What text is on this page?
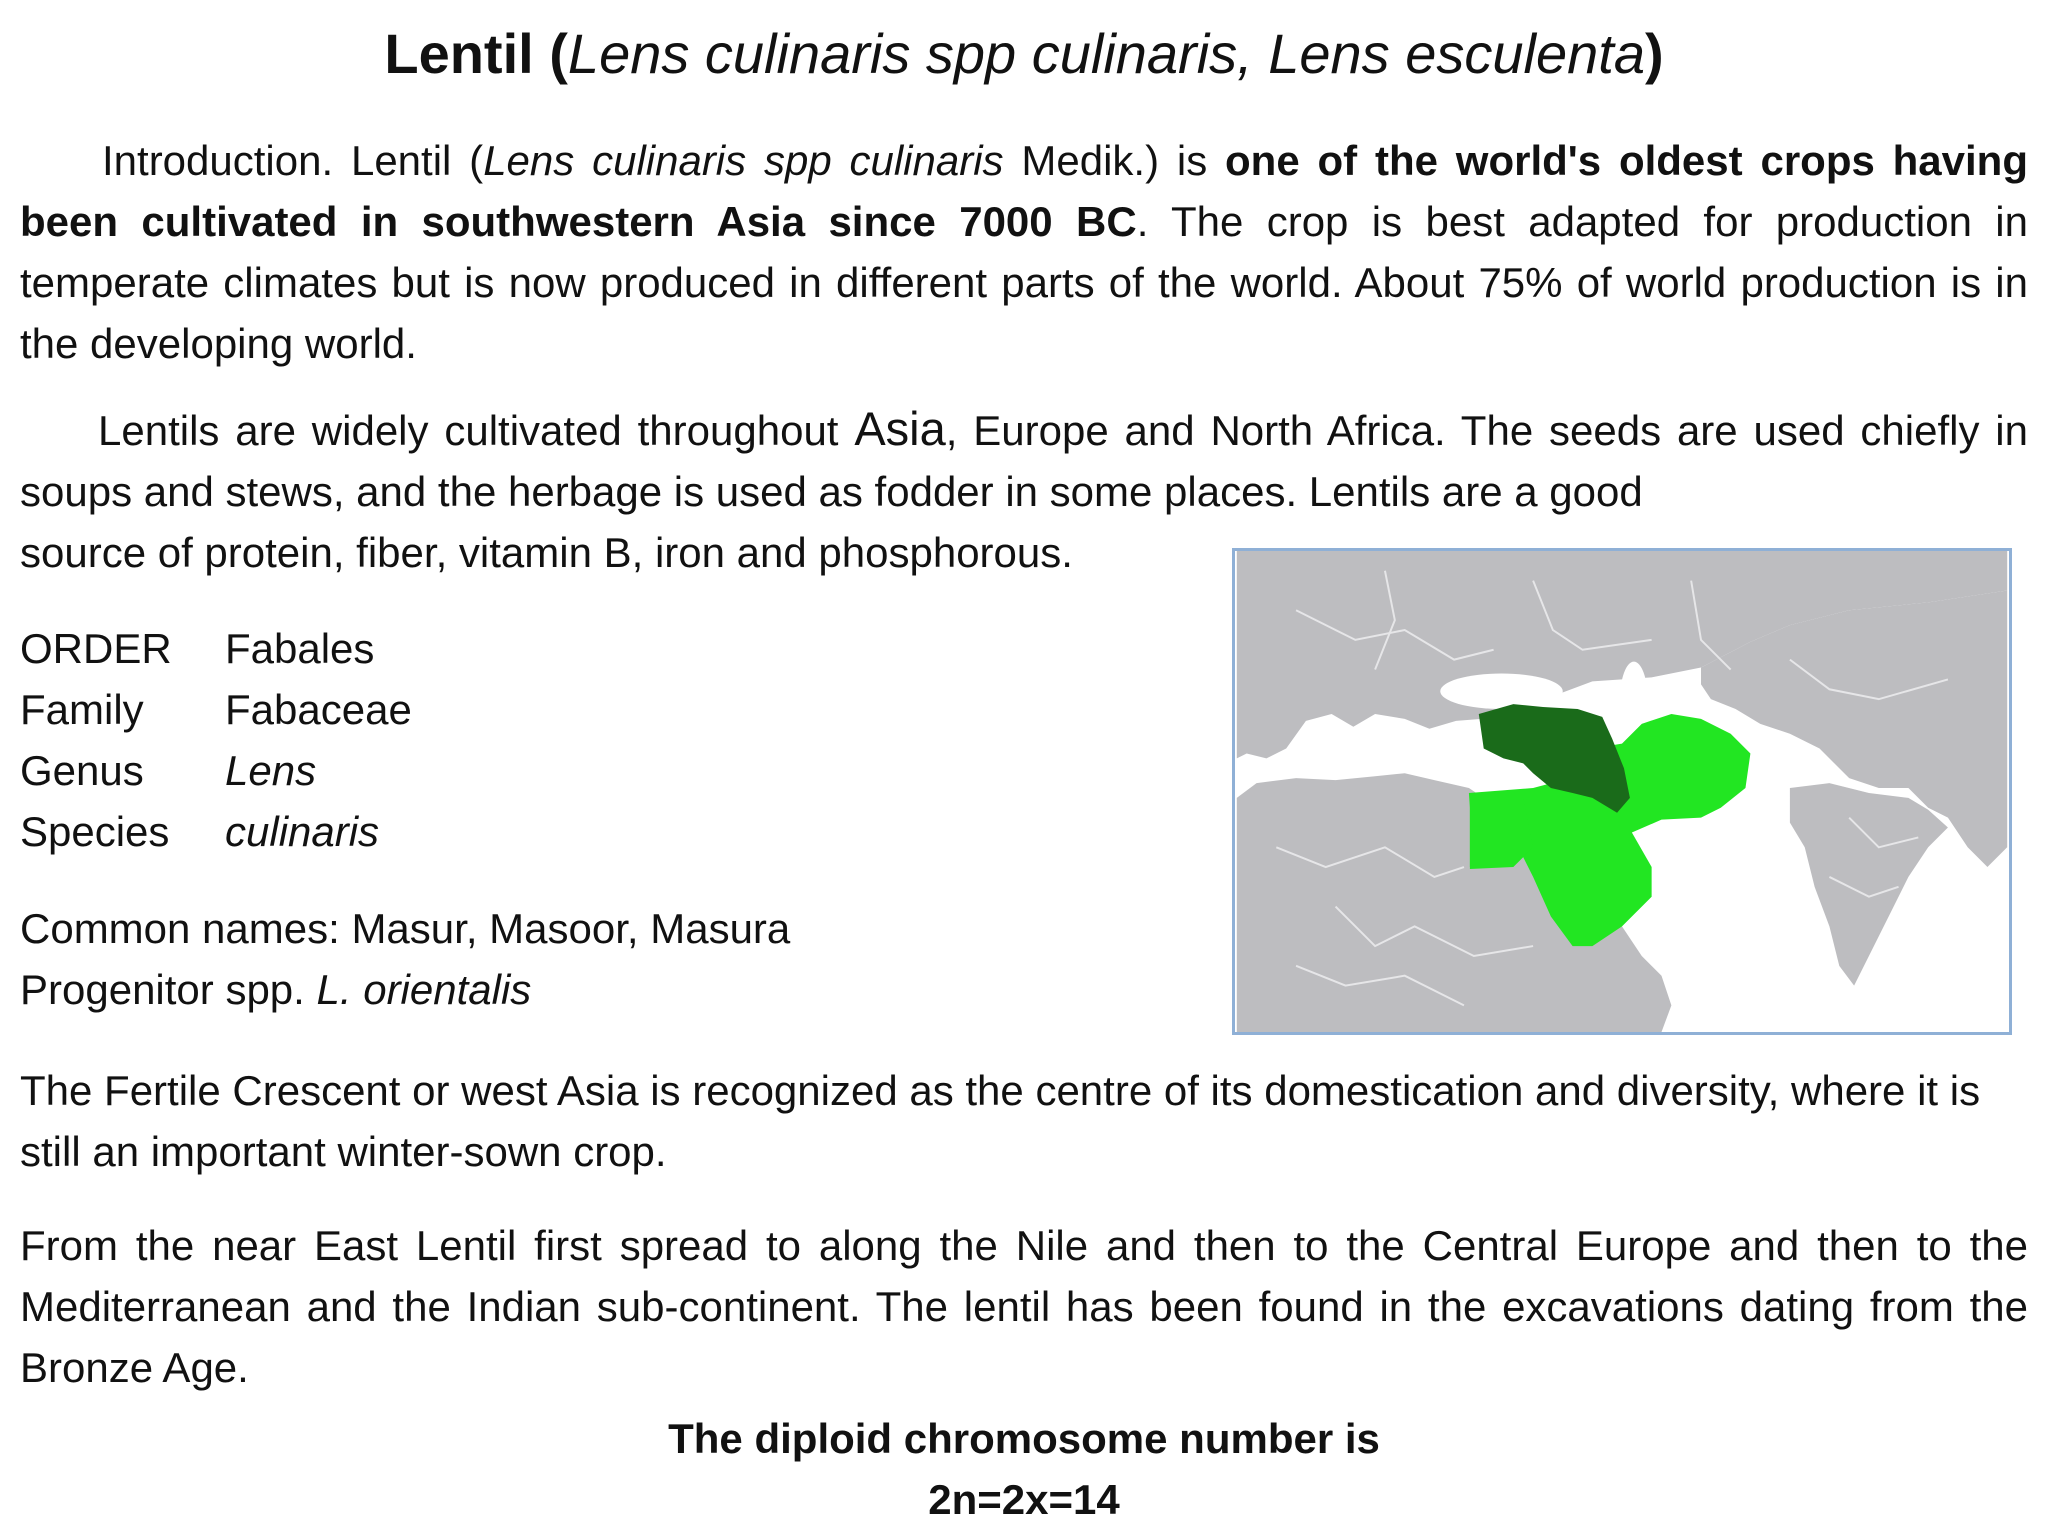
Lentil (Lens culinaris spp culinaris, Lens esculenta)
Introduction. Lentil (Lens culinaris spp culinaris Medik.) is one of the world's oldest crops having been cultivated in southwestern Asia since 7000 BC. The crop is best adapted for production in temperate climates but is now produced in different parts of the world. About 75% of world production is in the developing world.
Lentils are widely cultivated throughout Asia, Europe and North Africa. The seeds are used chiefly in soups and stews, and the herbage is used as fodder in some places. Lentils are a good
source of protein, fiber, vitamin B, iron and phosphorous.
ORDER	Fabales
Family	Fabaceae
Genus	Lens
Species	culinaris
Common names: Masur, Masoor, Masura
Progenitor spp. L. orientalis
The Fertile Crescent or west Asia is recognized as the centre of its domestication and diversity, where it is still an important winter-sown crop.
From the near East Lentil first spread to along the Nile and then to the Central Europe and then to the Mediterranean and the Indian sub-continent. The lentil has been found in the excavations dating from the Bronze Age.
The diploid chromosome number is
2n=2x=14
